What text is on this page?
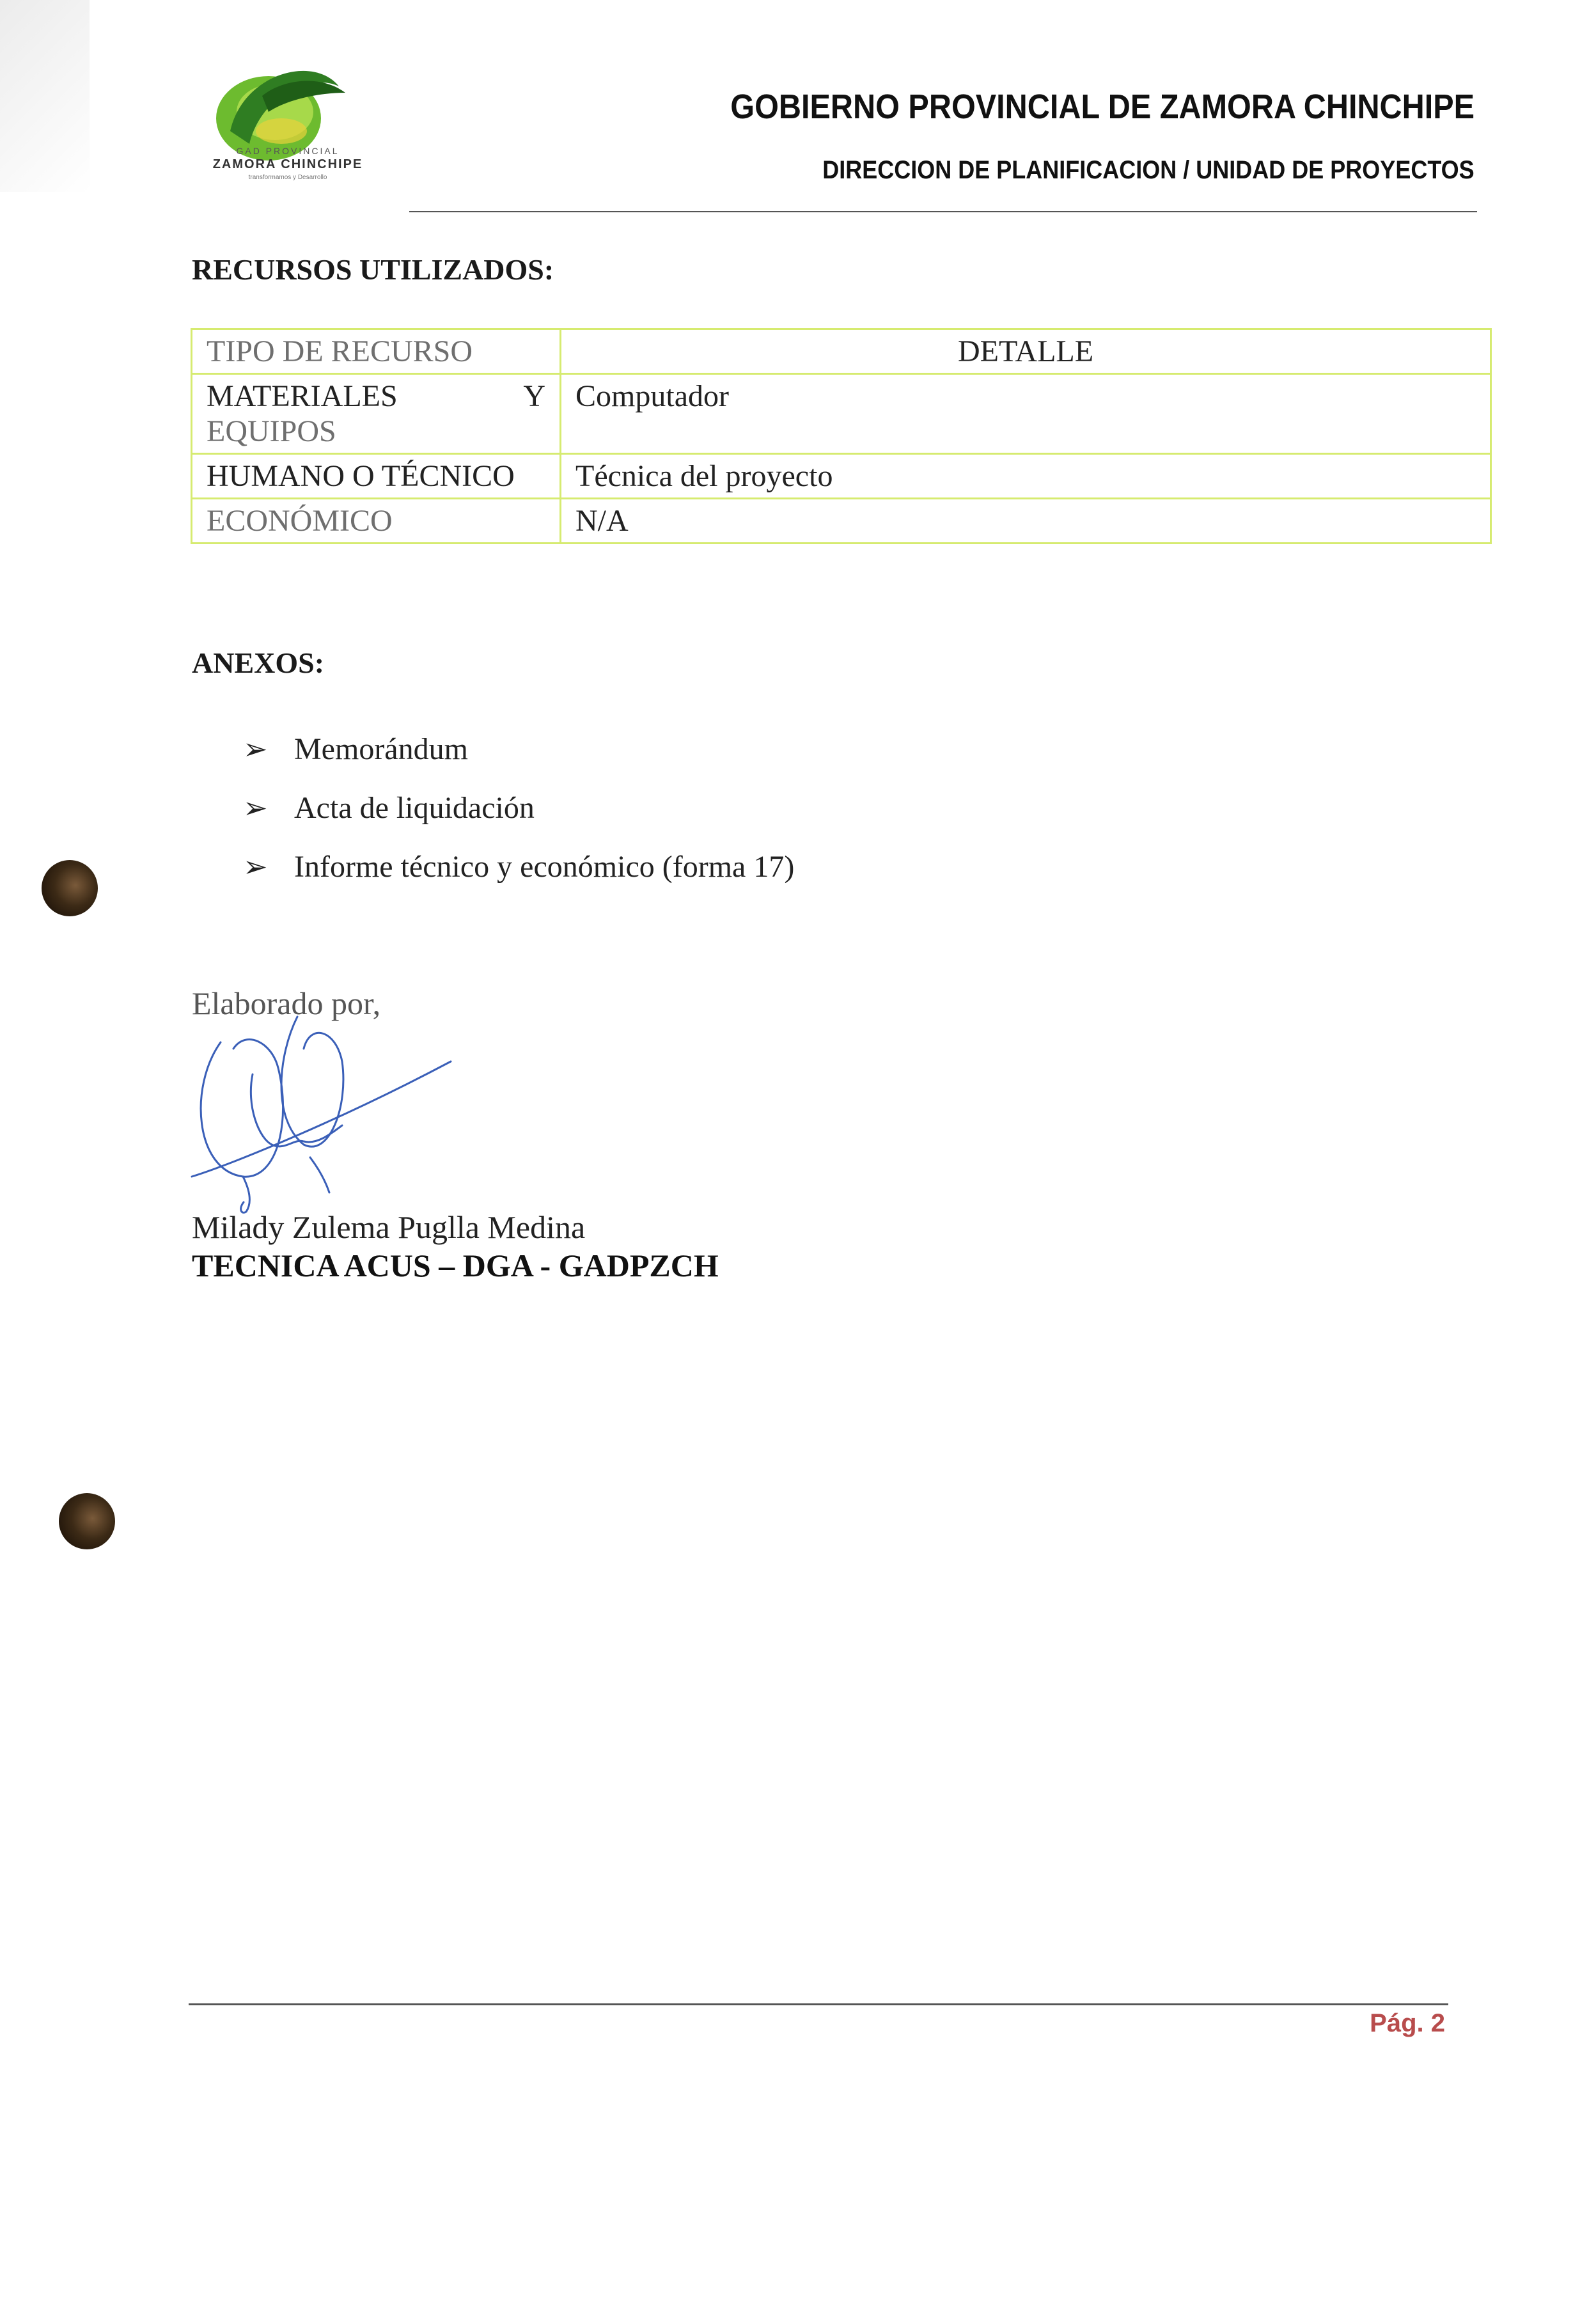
GAD PROVINCIAL
ZAMORA CHINCHIPE
transformamos y Desarrollo
GOBIERNO PROVINCIAL DE ZAMORA CHINCHIPE
DIRECCION DE PLANIFICACION / UNIDAD DE PROYECTOS
RECURSOS UTILIZADOS:
TIPO DE RECURSO	DETALLE

MATERIALES Y
EQUIPOS	Computador
HUMANO O TÉCNICO	Técnica del proyecto
ECONÓMICO	N/A
ANEXOS:
➢ Memorándum
➢ Acta de liquidación
➢ Informe técnico y económico (forma 17)
Elaborado por,
Milady Zulema Puglla Medina
TECNICA ACUS – DGA - GADPZCH
Pág. 2
